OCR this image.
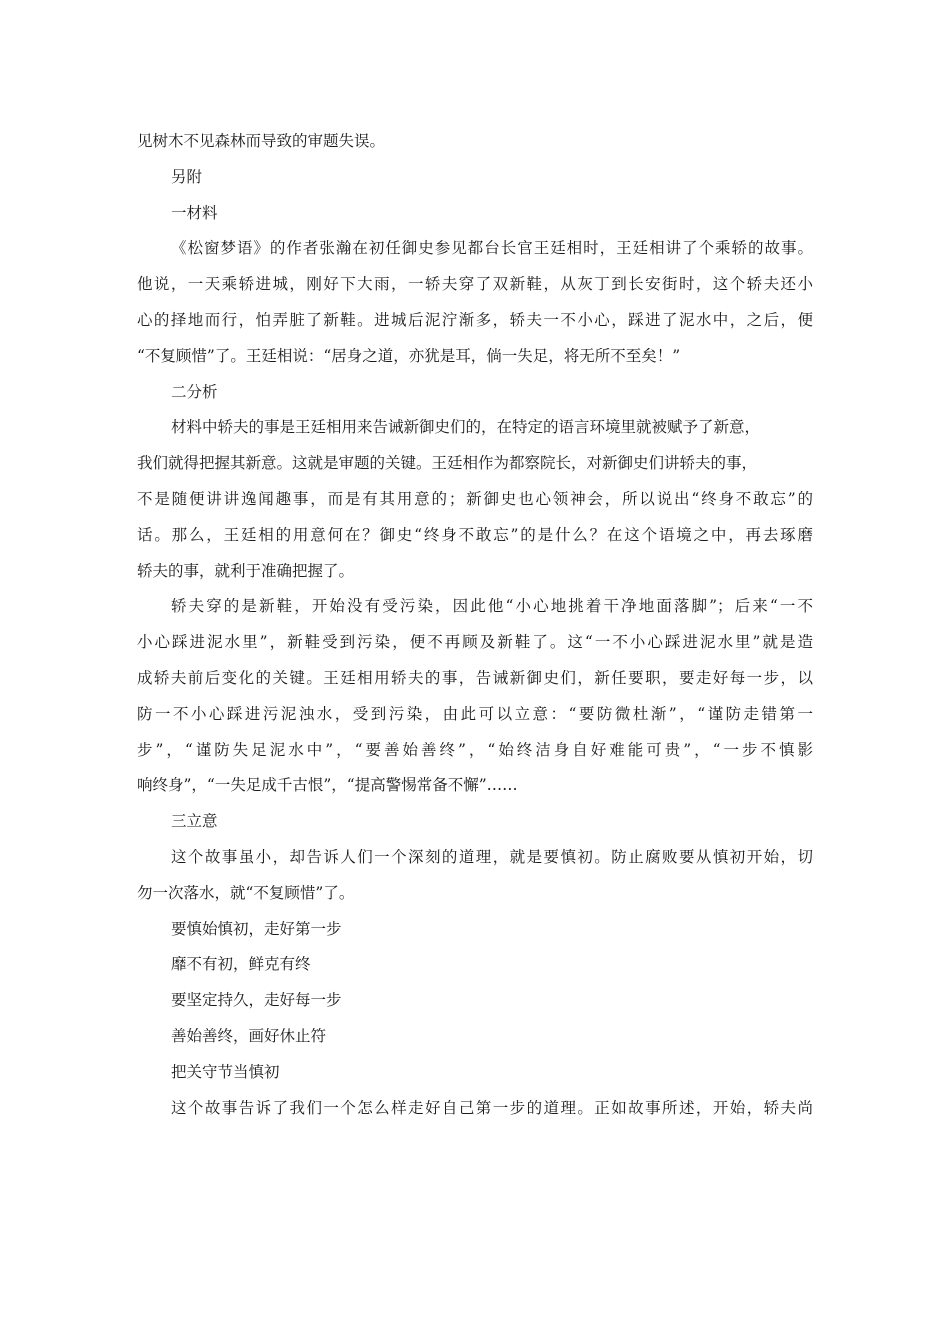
见树木不见森林而导致的审题失误。
另附
一材料
《松窗梦语》的作者张瀚在初任御史参见都台长官王廷相时，王廷相讲了个乘轿的故事。
他说，一天乘轿进城，刚好下大雨，一轿夫穿了双新鞋，从灰丁到长安街时，这个轿夫还小
心的择地而行，怕弄脏了新鞋。进城后泥泞渐多，轿夫一不小心，踩进了泥水中，之后，便
“不复顾惜”了。王廷相说：“居身之道，亦犹是耳，倘一失足，将无所不至矣！”
二分析
材料中轿夫的事是王廷相用来告诫新御史们的，在特定的语言环境里就被赋予了新意，
我们就得把握其新意。这就是审题的关键。王廷相作为都察院长，对新御史们讲轿夫的事，
不是随便讲讲逸闻趣事，而是有其用意的；新御史也心领神会，所以说出“终身不敢忘”的
话。那么，王廷相的用意何在？御史“终身不敢忘”的是什么？在这个语境之中，再去琢磨
轿夫的事，就利于准确把握了。
轿夫穿的是新鞋，开始没有受污染，因此他“小心地挑着干净地面落脚”；后来“一不
小心踩进泥水里”，新鞋受到污染，便不再顾及新鞋了。这“一不小心踩进泥水里”就是造
成轿夫前后变化的关键。王廷相用轿夫的事，告诫新御史们，新任要职，要走好每一步，以
防一不小心踩进污泥浊水，受到污染，由此可以立意：“要防微杜渐”，“谨防走错第一
步”，“谨防失足泥水中”，“要善始善终”，“始终洁身自好难能可贵”，“一步不慎影
响终身”，“一失足成千古恨”，“提高警惕常备不懈”……
三立意
这个故事虽小，却告诉人们一个深刻的道理，就是要慎初。防止腐败要从慎初开始，切
勿一次落水，就“不复顾惜”了。
要慎始慎初，走好第一步
靡不有初，鲜克有终
要坚定持久，走好每一步
善始善终，画好休止符
把关守节当慎初
这个故事告诉了我们一个怎么样走好自己第一步的道理。正如故事所述，开始，轿夫尚
